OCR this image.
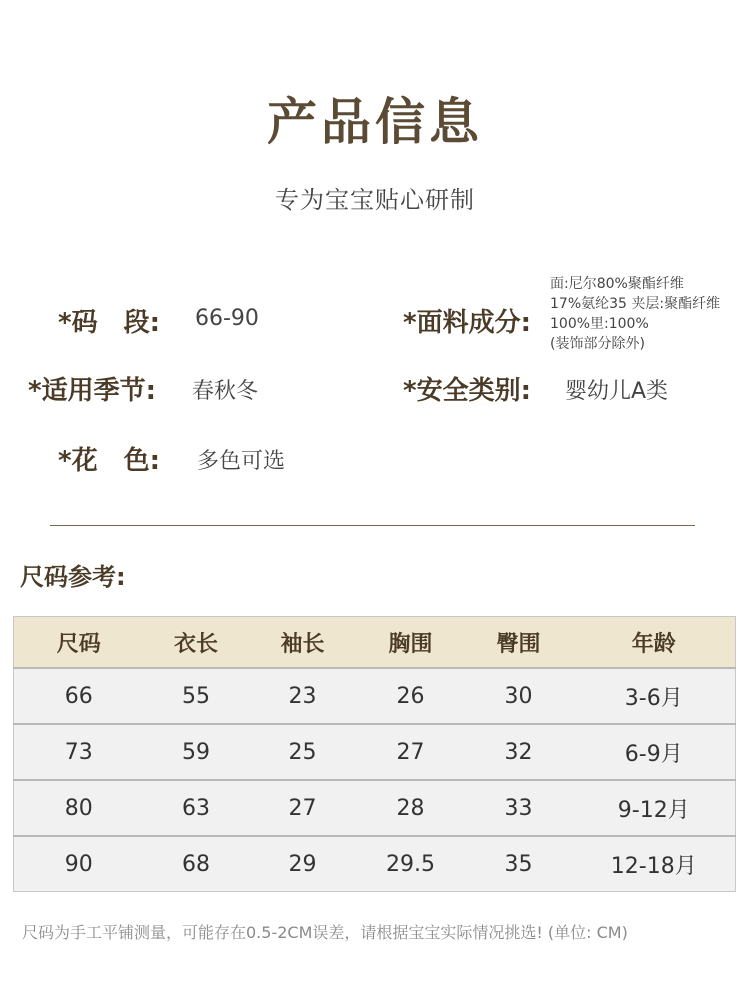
产品信息
专为宝宝贴心研制
*码　段: 66-90
*适用季节: 春秋冬
*花　色: 多色可选
*面料成分:
面:尼尔80%聚酯纤维
17%氨纶35 夹层:聚酯纤维
100%里:100%
(装饰部分除外)
*安全类别: 婴幼儿A类
尺码参考:
尺码	衣长	袖长	胸围	臀围	年龄
66	55	23	26	30	3-6月
73	59	25	27	32	6-9月
80	63	27	28	33	9-12月
90	68	29	29.5	35	12-18月
尺码为手工平铺测量，可能存在0.5-2CM误差，请根据宝宝实际情况挑选! (单位: CM)
